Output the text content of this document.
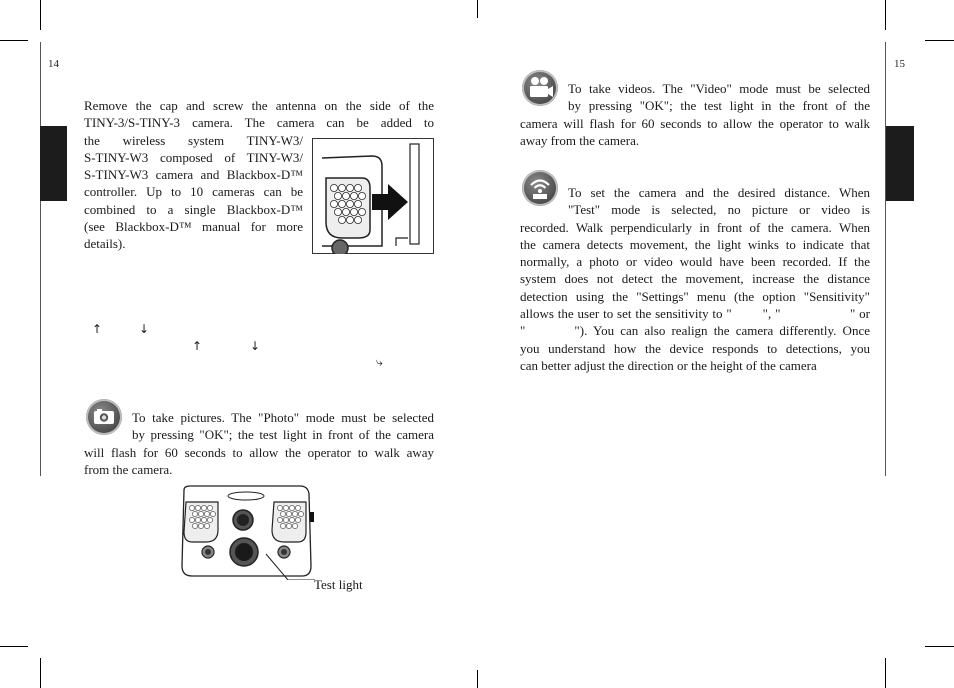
14	15
Remove the cap and screw the antenna on the side of the
TINY-3/S-TINY-3 camera. The camera can be added to
the wireless system TINY-W3/
S-TINY-W3 composed of TINY-W3/
S-TINY-W3 camera and Blackbox-D™
controller. Up to 10 cameras can be
combined to a single Blackbox-D™
(see Blackbox-D™ manual for more
details).
↑	↓
↑	↓
⤷
To take pictures. The "Photo" mode must be selected
by pressing "OK"; the test light in front of the camera
will flash for 60 seconds to allow the operator to walk away
from the camera.
Test light
To take videos. The "Video" mode must be selected
by pressing "OK"; the test light in the front of the
camera will flash for 60 seconds to allow the operator to walk
away from the camera.
To set the camera and the desired distance. When
"Test" mode is selected, no picture or video is
recorded. Walk perpendicularly in front of the camera. When
the camera detects movement, the light winks to indicate that
normally, a photo or video would have been recorded. If the
system does not detect the movement, increase the distance
detection using the "Settings" menu (the option "Sensitivity"
allows the user to set the sensitivity to "        ", "                  " or
"        "). You can also realign the camera differently. Once
you understand how the device responds to detections, you
can better adjust the direction or the height of the camera
